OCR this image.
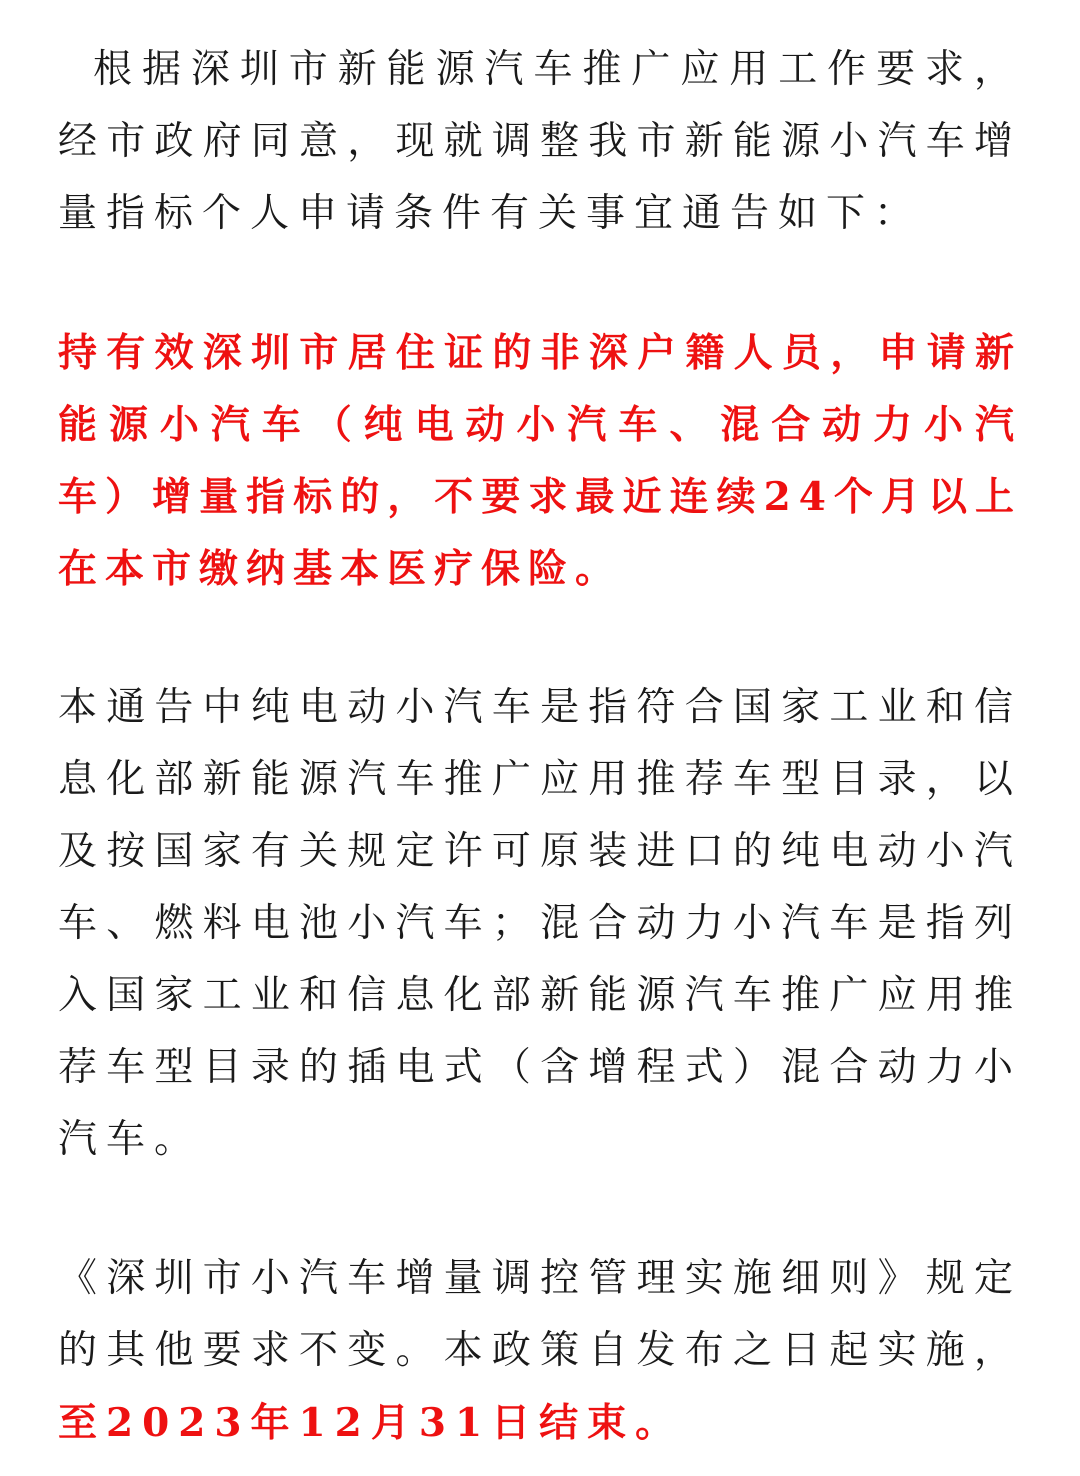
根据深圳市新能源汽车推广应用工作要求，经市政府同意，现就调整我市新能源小汽车增量指标个人申请条件有关事宜通告如下：

持有效深圳市居住证的非深户籍人员，申请新能源小汽车（纯电动小汽车、混合动力小汽车）增量指标的，不要求最近连续24个月以上在本市缴纳基本医疗保险。

本通告中纯电动小汽车是指符合国家工业和信息化部新能源汽车推广应用推荐车型目录，以及按国家有关规定许可原装进口的纯电动小汽车、燃料电池小汽车；混合动力小汽车是指列入国家工业和信息化部新能源汽车推广应用推荐车型目录的插电式（含增程式）混合动力小汽车。

《深圳市小汽车增量调控管理实施细则》规定的其他要求不变。本政策自发布之日起实施，至2023年12月31日结束。
